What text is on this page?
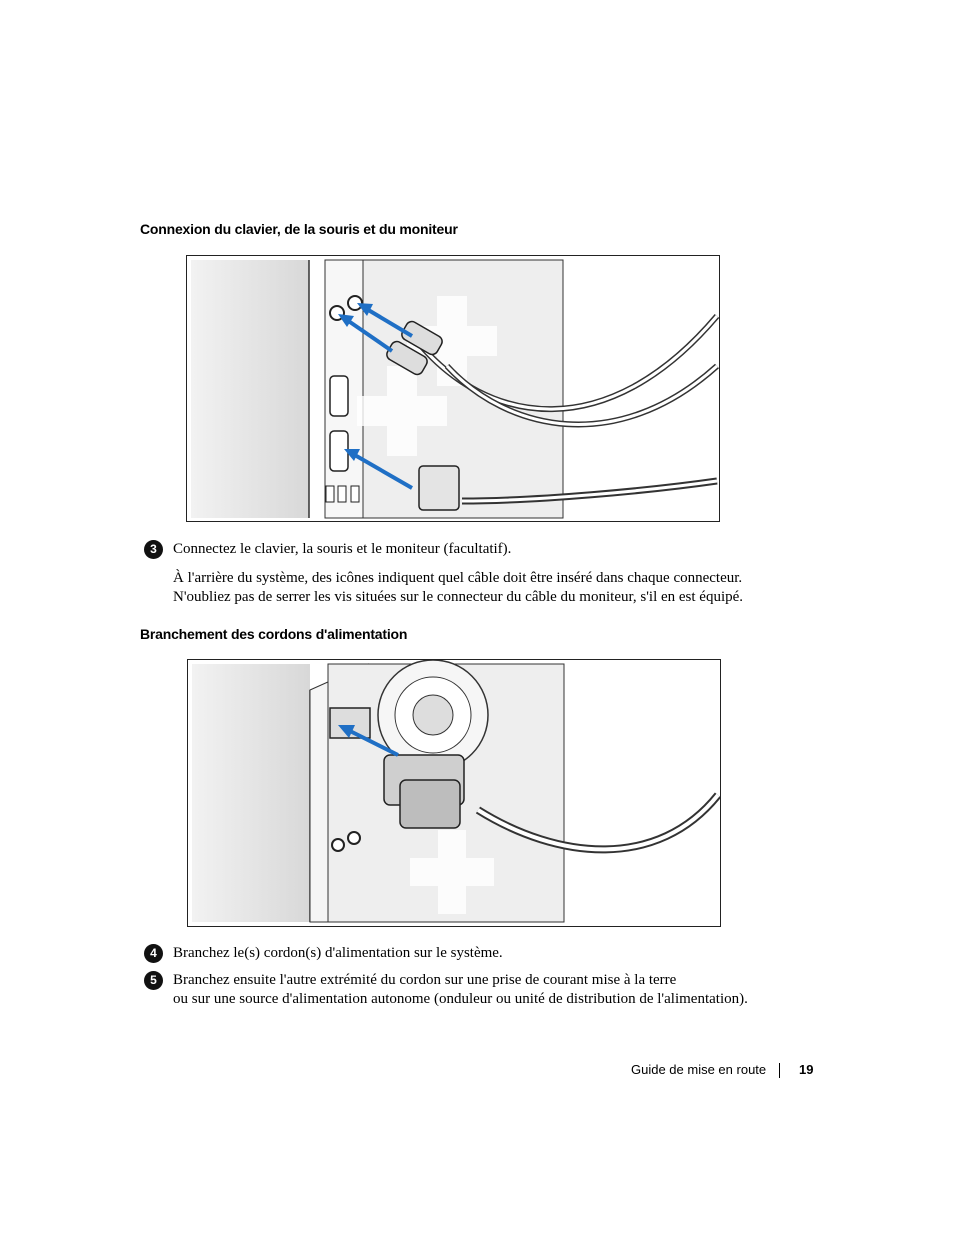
Connexion du clavier, de la souris et du moniteur
3	Connectez le clavier, la souris et le moniteur (facultatif).
À l'arrière du système, des icônes indiquent quel câble doit être inséré dans chaque connecteur.
N'oubliez pas de serrer les vis situées sur le connecteur du câble du moniteur, s'il en est équipé.
Branchement des cordons d'alimentation
4	Branchez le(s) cordon(s) d'alimentation sur le système.
5	Branchez ensuite l'autre extrémité du cordon sur une prise de courant mise à la terre
ou sur une source d'alimentation autonome (onduleur ou unité de distribution de l'alimentation).
Guide de mise en route	19
